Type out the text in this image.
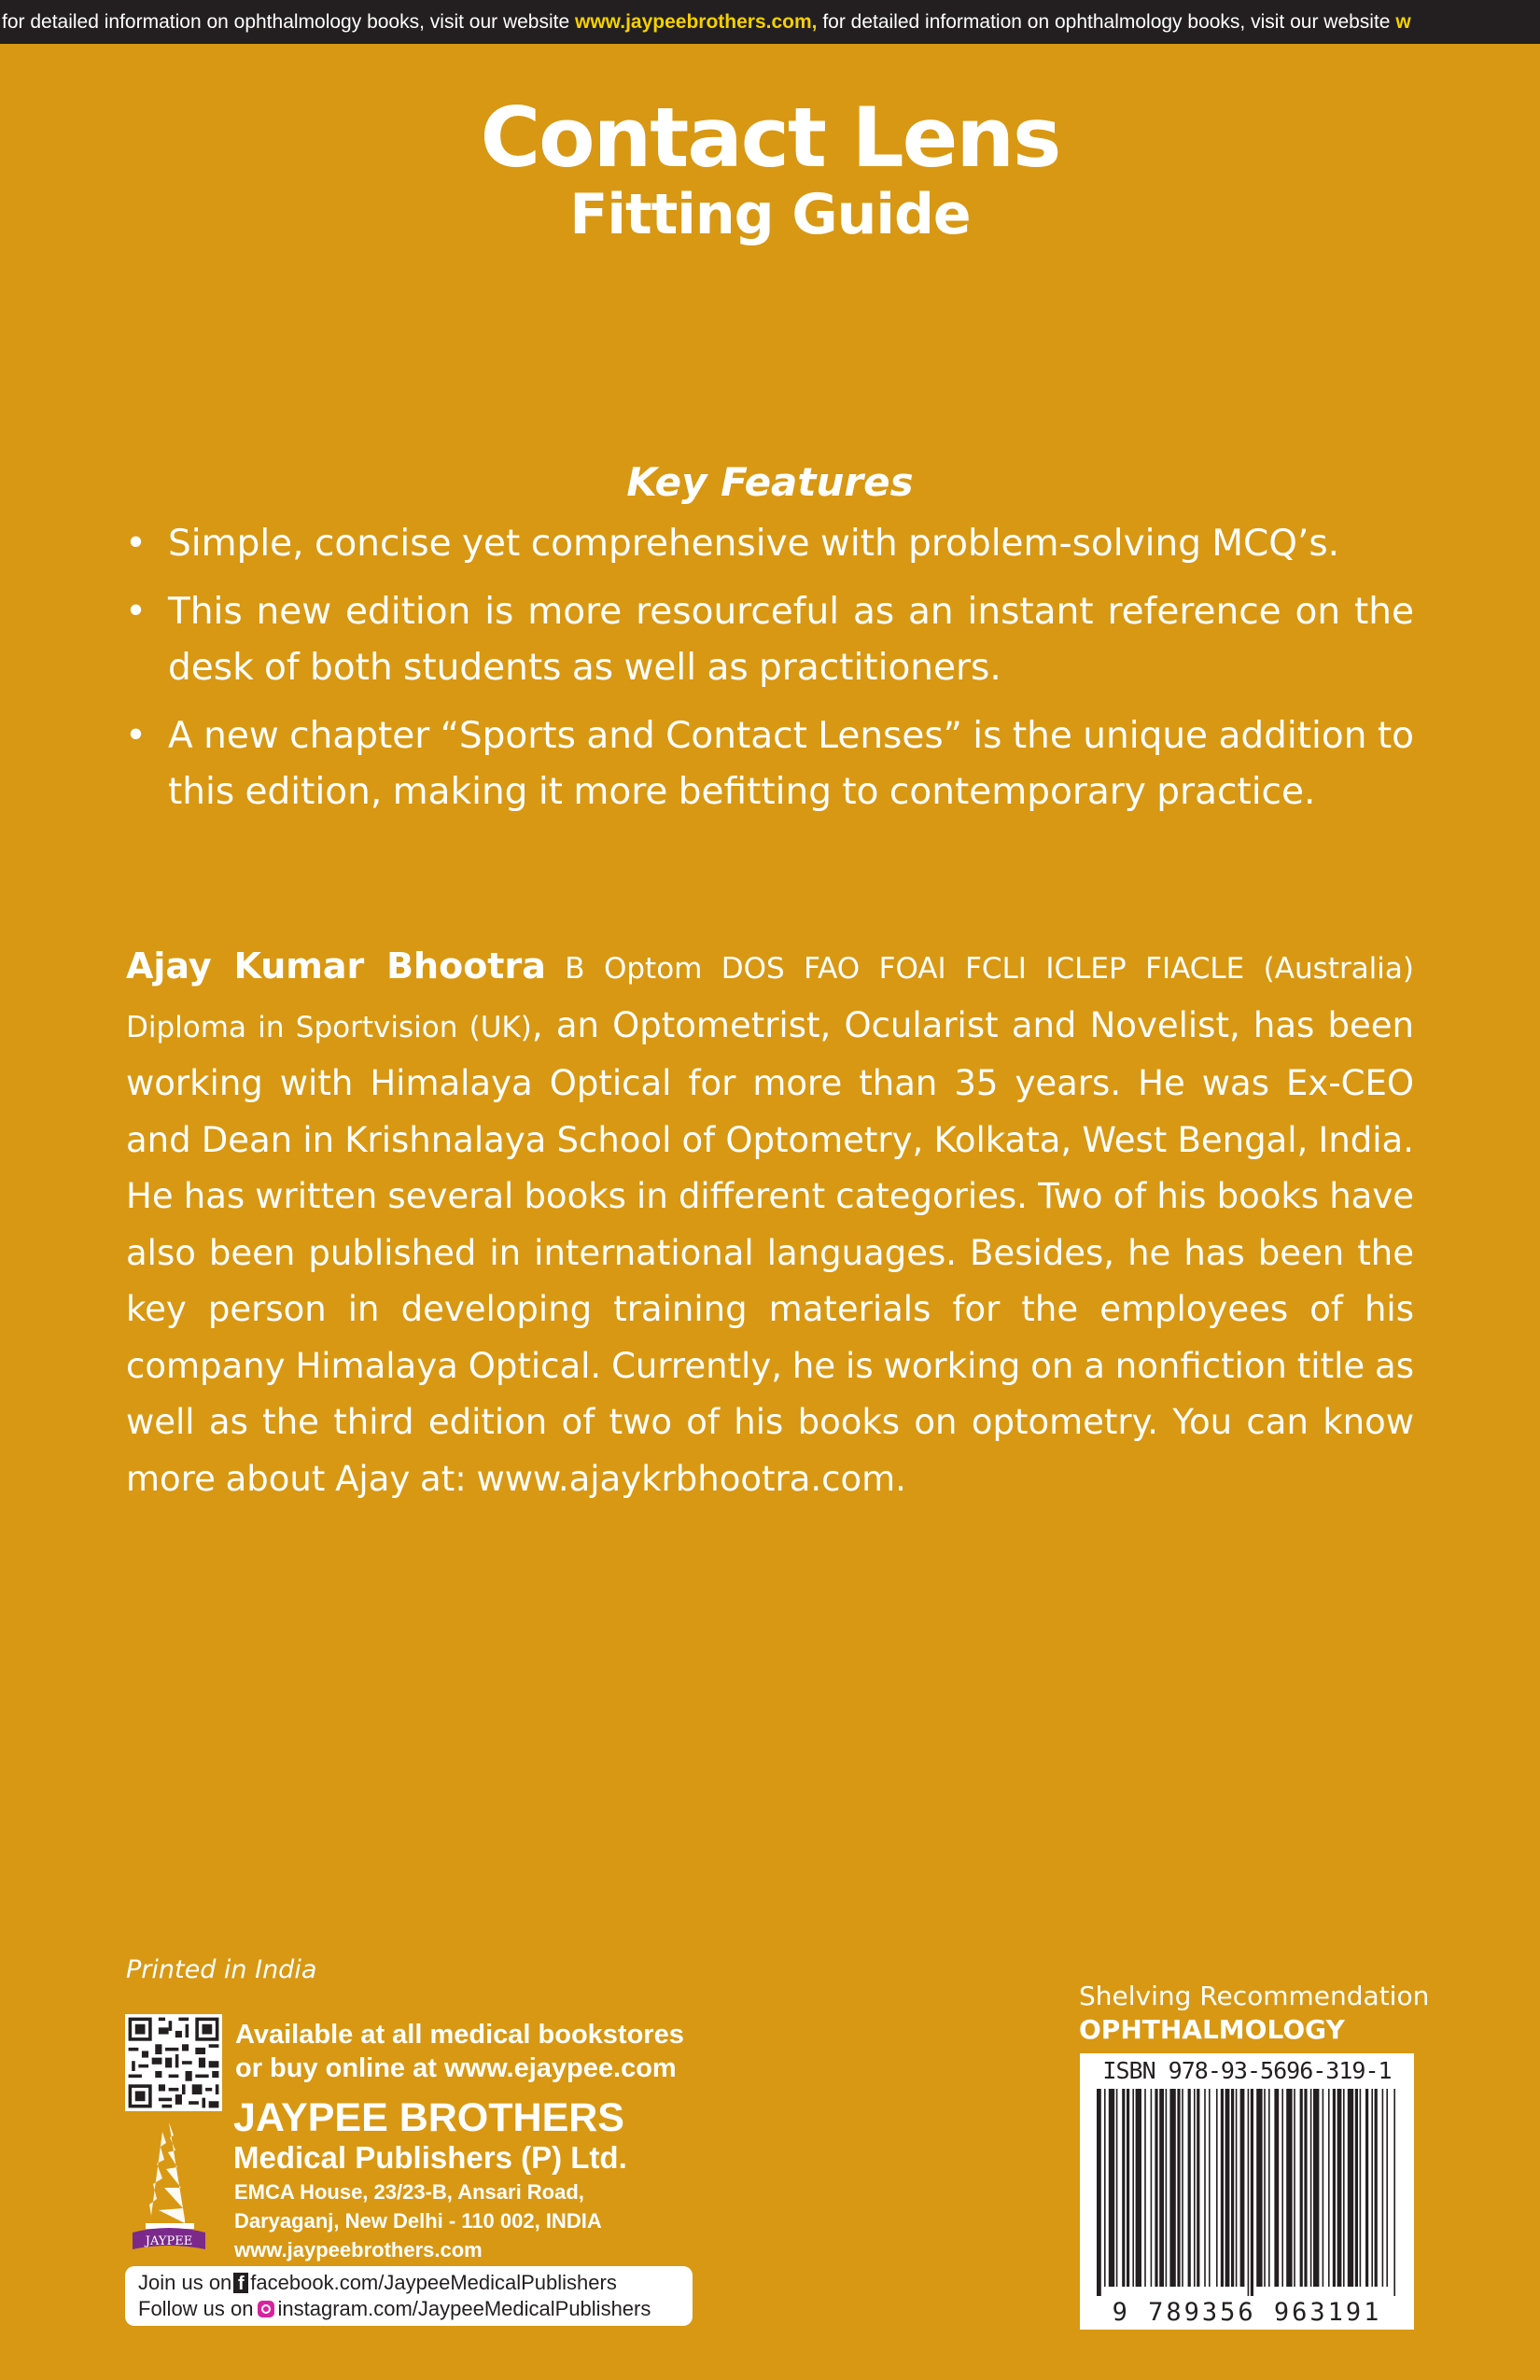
for detailed information on ophthalmology books, visit our website www.jaypeebrothers.com, for detailed information on ophthalmology books, visit our website w
Contact Lens
Fitting Guide
Key Features
• Simple, concise yet comprehensive with problem-solving MCQ’s.
• This new edition is more resourceful as an instant reference on the desk of both students as well as practitioners.
• A new chapter “Sports and Contact Lenses” is the unique addition to this edition, making it more befitting to contemporary practice.

Ajay Kumar Bhootra B Optom DOS FAO FOAI FCLI ICLEP FIACLE (Australia) Diploma in Sportvision (UK), an Optometrist, Ocularist and Novelist, has been working with Himalaya Optical for more than 35 years. He was Ex-CEO and Dean in Krishnalaya School of Optometry, Kolkata, West Bengal, India. He has written several books in different categories. Two of his books have also been published in international languages. Besides, he has been the key person in developing training materials for the employees of his company Himalaya Optical. Currently, he is working on a nonfiction title as well as the third edition of two of his books on optometry. You can know more about Ajay at: www.ajaykrbhootra.com.

Printed in India
Available at all medical bookstores
or buy online at www.ejaypee.com
JAYPEE
JAYPEE BROTHERS
Medical Publishers (P) Ltd.
EMCA House, 23/23-B, Ansari Road,
Daryaganj, New Delhi - 110 002, INDIA
www.jaypeebrothers.com
Join us on f facebook.com/JaypeeMedicalPublishers
Follow us on instagram.com/JaypeeMedicalPublishers
Shelving Recommendation
OPHTHALMOLOGY
ISBN 978-93-5696-319-1
9 789356 963191
